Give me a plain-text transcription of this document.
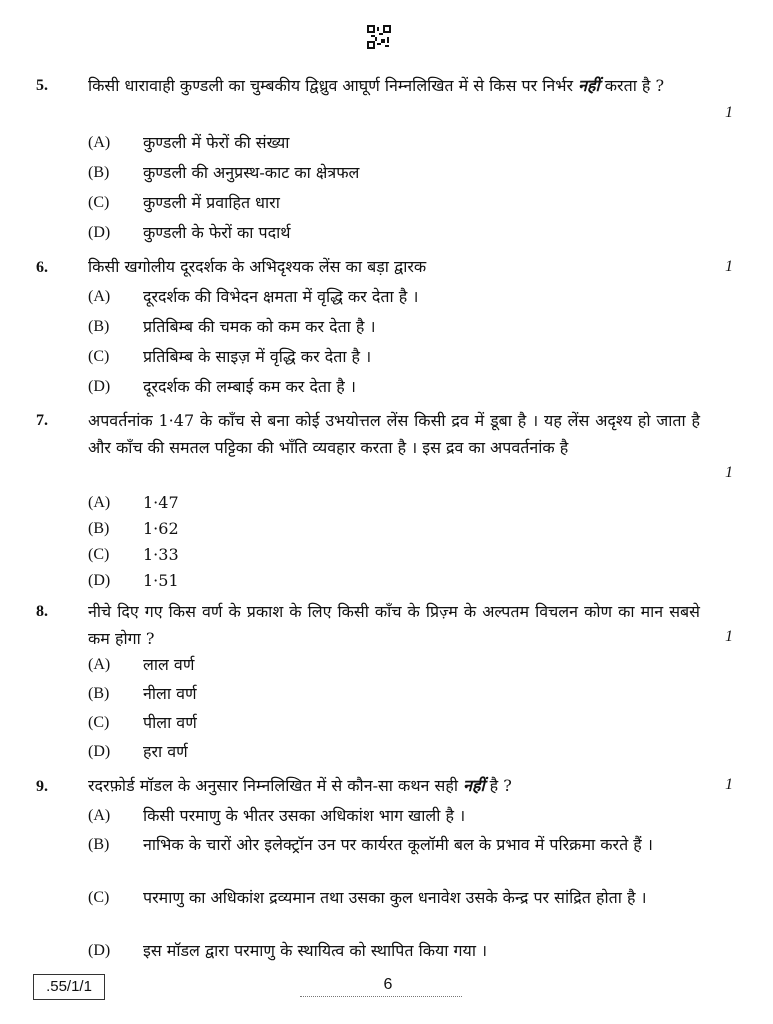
5.	किसी धारावाही कुण्डली का चुम्बकीय द्विध्रुव आघूर्ण निम्नलिखित में से किस पर निर्भर नहीं करता है ?
1
(A) कुण्डली में फेरों की संख्या
(B) कुण्डली की अनुप्रस्थ-काट का क्षेत्रफल
(C) कुण्डली में प्रवाहित धारा
(D) कुण्डली के फेरों का पदार्थ
6.	किसी खगोलीय दूरदर्शक के अभिदृश्यक लेंस का बड़ा द्वारक	1
(A) दूरदर्शक की विभेदन क्षमता में वृद्धि कर देता है ।
(B) प्रतिबिम्ब की चमक को कम कर देता है ।
(C) प्रतिबिम्ब के साइज़ में वृद्धि कर देता है ।
(D) दूरदर्शक की लम्बाई कम कर देता है ।
7.	अपवर्तनांक 1·47 के काँच से बना कोई उभयोत्तल लेंस किसी द्रव में डूबा है । यह लेंस अदृश्य हो जाता है और काँच की समतल पट्टिका की भाँति व्यवहार करता है । इस द्रव का अपवर्तनांक है
1
(A) 1·47
(B) 1·62
(C) 1·33
(D) 1·51
8.	नीचे दिए गए किस वर्ण के प्रकाश के लिए किसी काँच के प्रिज़्म के अल्पतम विचलन कोण का मान सबसे कम होगा ?	1
(A) लाल वर्ण
(B) नीला वर्ण
(C) पीला वर्ण
(D) हरा वर्ण
9.	रदरफ़ोर्ड मॉडल के अनुसार निम्नलिखित में से कौन-सा कथन सही नहीं है ?	1
(A) किसी परमाणु के भीतर उसका अधिकांश भाग खाली है ।
(B) नाभिक के चारों ओर इलेक्ट्रॉन उन पर कार्यरत कूलॉमी बल के प्रभाव में परिक्रमा करते हैं ।
(C) परमाणु का अधिकांश द्रव्यमान तथा उसका कुल धनावेश उसके केन्द्र पर सांद्रित होता है ।
(D) इस मॉडल द्वारा परमाणु के स्थायित्व को स्थापित किया गया ।
.55/1/1	6
